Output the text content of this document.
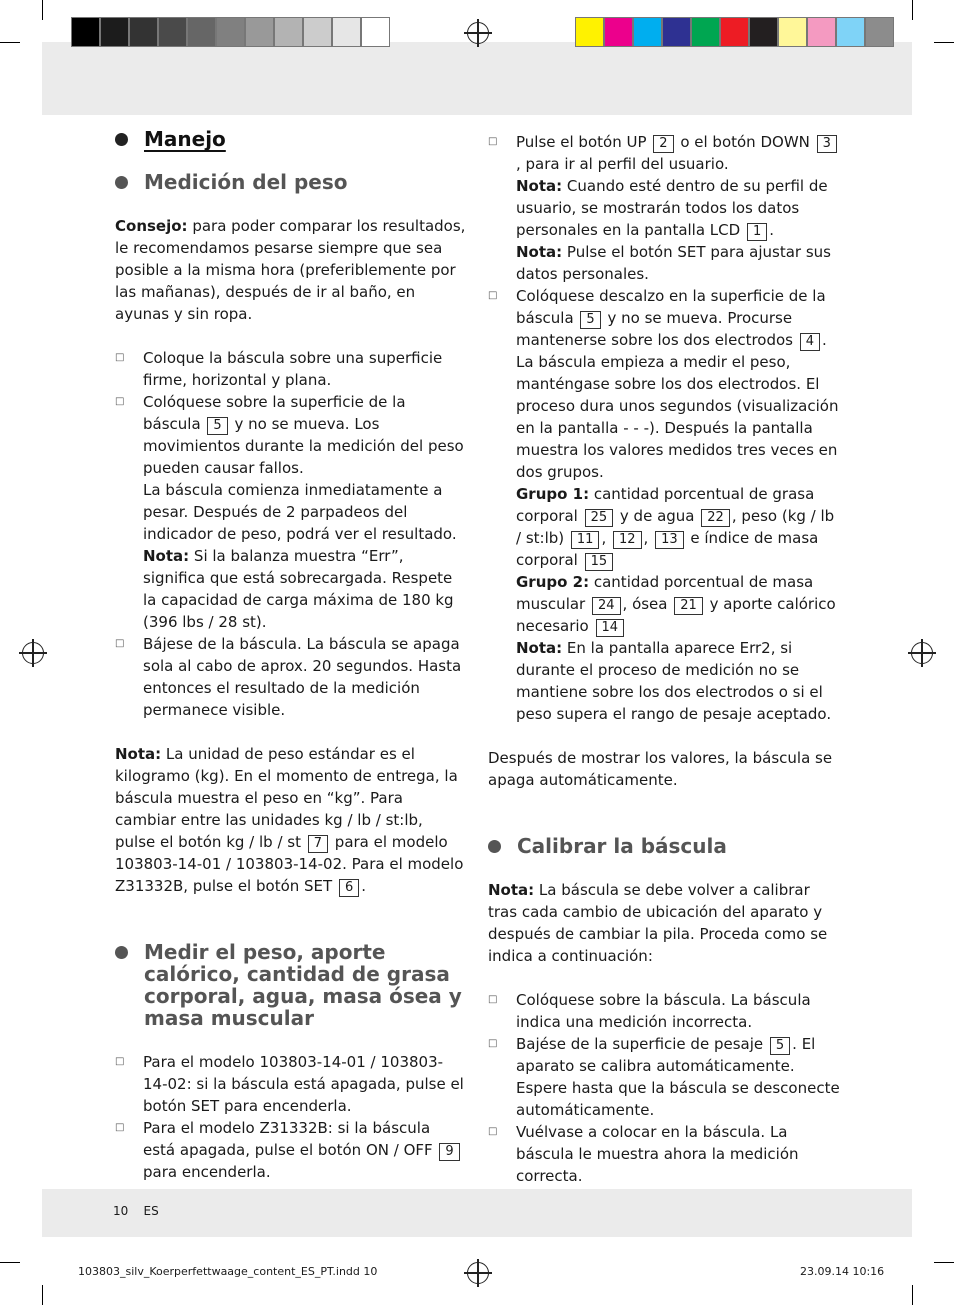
Manejo
Medición del peso

Consejo: para poder comparar los resultados, le recomendamos pesarse siempre que sea posible a la misma hora (preferiblemente por las mañanas), después de ir al baño, en ayunas y sin ropa.

□ Coloque la báscula sobre una superficie firme, horizontal y plana.

□ Colóquese sobre la superficie de la báscula 5 y no se mueva. Los movimientos durante la medición del peso pueden causar fallos.

La báscula comienza inmediatamente a pesar. Después de 2 parpadeos del indicador de peso, podrá ver el resultado.

Nota: Si la balanza muestra “Err”, significa que está sobrecargada. Respete la capacidad de carga máxima de 180 kg (396 lbs / 28 st).

□ Bájese de la báscula. La báscula se apaga sola al cabo de aprox. 20 segundos. Hasta entonces el resultado de la medición permanece visible.

Nota: La unidad de peso estándar es el kilogramo (kg). En el momento de entrega, la báscula muestra el peso en “kg”. Para cambiar entre las unidades kg / lb / st:lb, pulse el botón kg / lb / st 7 para el modelo 103803-14-01 / 103803-14-02. Para el modelo Z31332B, pulse el botón SET 6 .

Medir el peso, aporte calórico, cantidad de grasa corporal, agua, masa ósea y masa muscular
□ Para el modelo 103803-14-01 / 103803-14-02: si la báscula está apagada, pulse el botón SET para encenderla.

□ Para el modelo Z31332B: si la báscula está apagada, pulse el botón ON / OFF 9 para encenderla.

□ Pulse el botón UP 2 o el botón DOWN 3, para ir al perfil del usuario.

Nota: Cuando esté dentro de su perfil de usuario, se mostrarán todos los datos personales en la pantalla LCD 1 .

Nota: Pulse el botón SET para ajustar sus datos personales.

□ Colóquese descalzo en la superficie de la báscula 5 y no se mueva. Procurse mantenerse sobre los dos electrodos 4 .

La báscula empieza a medir el peso, manténgase sobre los dos electrodos. El proceso dura unos segundos (visualización en la pantalla - - -). Después la pantalla muestra los valores medidos tres veces en dos grupos.

Grupo 1: cantidad porcentual de grasa corporal 25 y de agua 22 , peso (kg / lb / st:lb) 11 , 12 , 13 e índice de masa corporal 15

Grupo 2: cantidad porcentual de masa muscular 24 , ósea 21 y aporte calórico necesario 14

Nota: En la pantalla aparece Err2, si durante el proceso de medición no se mantiene sobre los dos electrodos o si el peso supera el rango de pesaje aceptado.

Después de mostrar los valores, la báscula se apaga automáticamente.

Calibrar la báscula

Nota: La báscula se debe volver a calibrar tras cada cambio de ubicación del aparato y después de cambiar la pila. Proceda como se indica a continuación:

□ Colóquese sobre la báscula. La báscula indica una medición incorrecta.

□ Bajése de la superficie de pesaje 5 . El aparato se calibra automáticamente. Espere hasta que la báscula se desconecte automáticamente.

□ Vuélvase a colocar en la báscula. La báscula le muestra ahora la medición correcta.

10 ES
103803_silv_Koerperfettwaage_content_ES_PT.indd 10	23.09.14 10:16
